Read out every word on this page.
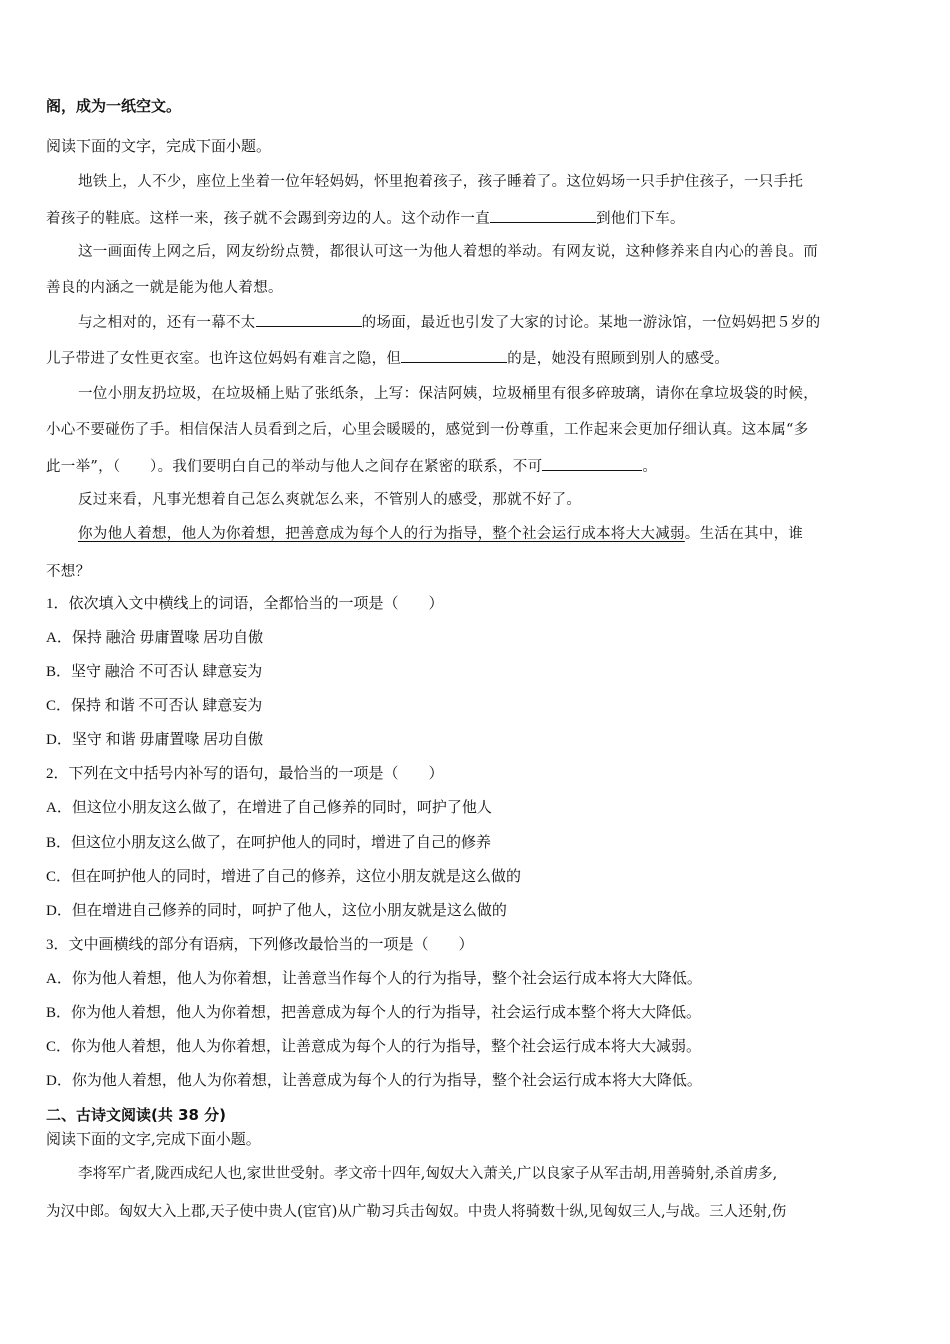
阁，成为一纸空文。
阅读下面的文字，完成下面小题。
地铁上，人不少，座位上坐着一位年轻妈妈，怀里抱着孩子，孩子睡着了。这位妈场一只手护住孩子，一只手托
着孩子的鞋底。这样一来，孩子就不会踢到旁边的人。这个动作一直	到他们下车。
这一画面传上网之后，网友纷纷点赞，都很认可这一为他人着想的举动。有网友说，这种修养来自内心的善良。而
善良的内涵之一就是能为他人着想。
与之相对的，还有一幕不太	的场面，最近也引发了大家的讨论。某地一游泳馆，一位妈妈把５岁的
儿子带进了女性更衣室。也许这位妈妈有难言之隐，但	的是，她没有照顾到别人的感受。
一位小朋友扔垃圾，在垃圾桶上贴了张纸条，上写：保洁阿姨，垃圾桶里有很多碎玻璃，请你在拿垃圾袋的时候，
小心不要碰伤了手。相信保洁人员看到之后，心里会暖暖的，感觉到一份尊重，工作起来会更加仔细认真。这本属“多
此一举”，（　　）。我们要明白自己的举动与他人之间存在紧密的联系，不可	。
反过来看，凡事光想着自己怎么爽就怎么来，不管别人的感受，那就不好了。
你为他人着想，他人为你着想，把善意成为每个人的行为指导，整个社会运行成本将大大减弱。生活在其中，谁
不想？
1．依次填入文中横线上的词语，全都恰当的一项是（　　）
A．保持 融洽 毋庸置喙 居功自傲
B．坚守 融洽 不可否认 肆意妄为
C．保持 和谐 不可否认 肆意妄为
D．坚守 和谐 毋庸置喙 居功自傲
2．下列在文中括号内补写的语句，最恰当的一项是（　　）
A．但这位小朋友这么做了，在增进了自己修养的同时，呵护了他人
B．但这位小朋友这么做了，在呵护他人的同时，增进了自己的修养
C．但在呵护他人的同时，增进了自己的修养，这位小朋友就是这么做的
D．但在增进自己修养的同时，呵护了他人，这位小朋友就是这么做的
3．文中画横线的部分有语病，下列修改最恰当的一项是（　　）
A．你为他人着想，他人为你着想，让善意当作每个人的行为指导，整个社会运行成本将大大降低。
B．你为他人着想，他人为你着想，把善意成为每个人的行为指导，社会运行成本整个将大大降低。
C．你为他人着想，他人为你着想，让善意成为每个人的行为指导，整个社会运行成本将大大减弱。
D．你为他人着想，他人为你着想，让善意成为每个人的行为指导，整个社会运行成本将大大降低。
二、古诗文阅读(共 38 分)
阅读下面的文字,完成下面小题。
李将军广者,陇西成纪人也,家世世受射。孝文帝十四年,匈奴大入萧关,广以良家子从军击胡,用善骑射,杀首虏多,
为汉中郎。匈奴大入上郡,天子使中贵人(宦官)从广勒习兵击匈奴。中贵人将骑数十纵,见匈奴三人,与战。三人还射,伤
